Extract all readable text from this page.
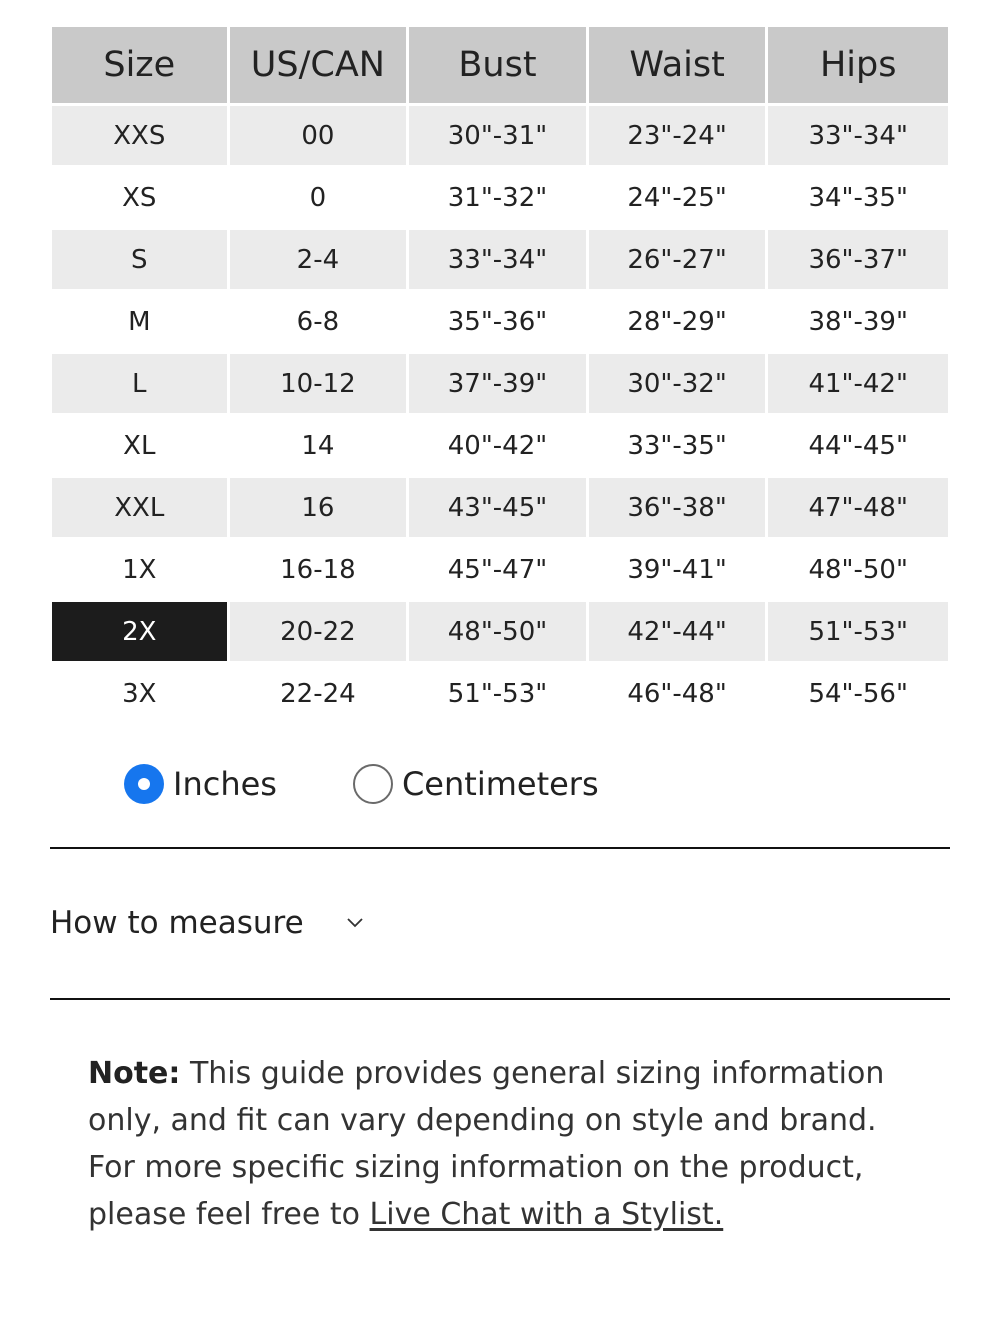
Size	US/CAN	Bust	Waist	Hips
XXS	00	30"-31"	23"-24"	33"-34"
XS	0	31"-32"	24"-25"	34"-35"
S	2-4	33"-34"	26"-27"	36"-37"
M	6-8	35"-36"	28"-29"	38"-39"
L	10-12	37"-39"	30"-32"	41"-42"
XL	14	40"-42"	33"-35"	44"-45"
XXL	16	43"-45"	36"-38"	47"-48"
1X	16-18	45"-47"	39"-41"	48"-50"
2X	20-22	48"-50"	42"-44"	51"-53"
3X	22-24	51"-53"	46"-48"	54"-56"
Inches	Centimeters
How to measure
Note: This guide provides general sizing information only, and fit can vary depending on style and brand. For more specific sizing information on the product, please feel free to Live Chat with a Stylist.
